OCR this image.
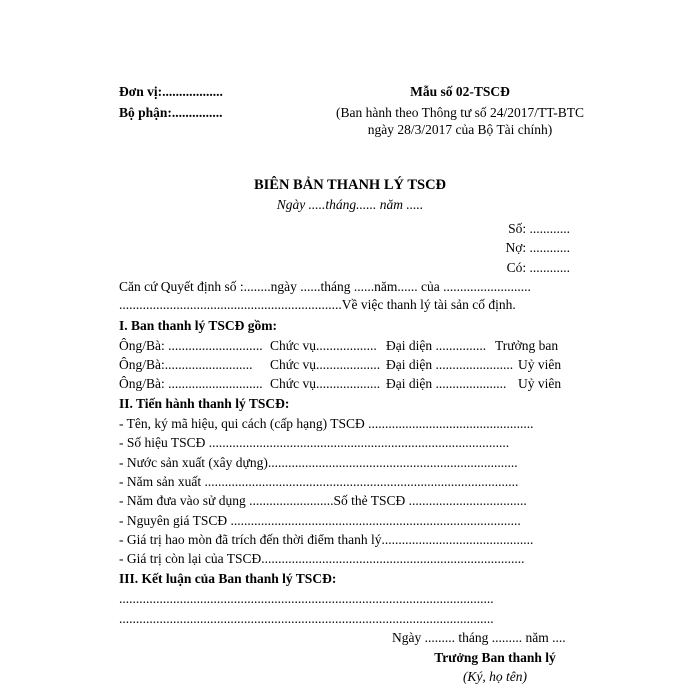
Đơn vị:..................
Bộ phận:...............
Mẫu số 02-TSCĐ
(Ban hành theo Thông tư số 24/2017/TT-BTC
ngày 28/3/2017 của Bộ Tài chính)
BIÊN BẢN THANH LÝ TSCĐ
Ngày .....tháng...... năm .....
Số: ............
Nợ: ............
Có: ............
Căn cứ Quyết định số :........ngày ......tháng ......năm...... của ..........................
..................................................................Về việc thanh lý tài sản cố định.
I. Ban thanh lý TSCĐ gồm:
Ông/Bà: ............................ Chức vụ.................. Đại diện ............... Trưởng ban
Ông/Bà:.......................... Chức vụ................... Đại diện ....................... Uỷ viên
Ông/Bà: ............................ Chức vụ................... Đại diện ..................... Uỷ viên
II. Tiến hành thanh lý TSCĐ:
- Tên, ký mã hiệu, qui cách (cấp hạng) TSCĐ .................................................
- Số hiệu TSCĐ .........................................................................................
- Nước sản xuất (xây dựng)..........................................................................
- Năm sản xuất .............................................................................................
- Năm đưa vào sử dụng .........................Số thẻ TSCĐ ...................................
- Nguyên giá TSCĐ ......................................................................................
- Giá trị hao mòn đã trích đến thời điểm thanh lý.............................................
- Giá trị còn lại của TSCĐ..............................................................................
III. Kết luận của Ban thanh lý TSCĐ:
...............................................................................................................
...............................................................................................................
Ngày ......... tháng ......... năm ....
Trưởng Ban thanh lý
(Ký, họ tên)
